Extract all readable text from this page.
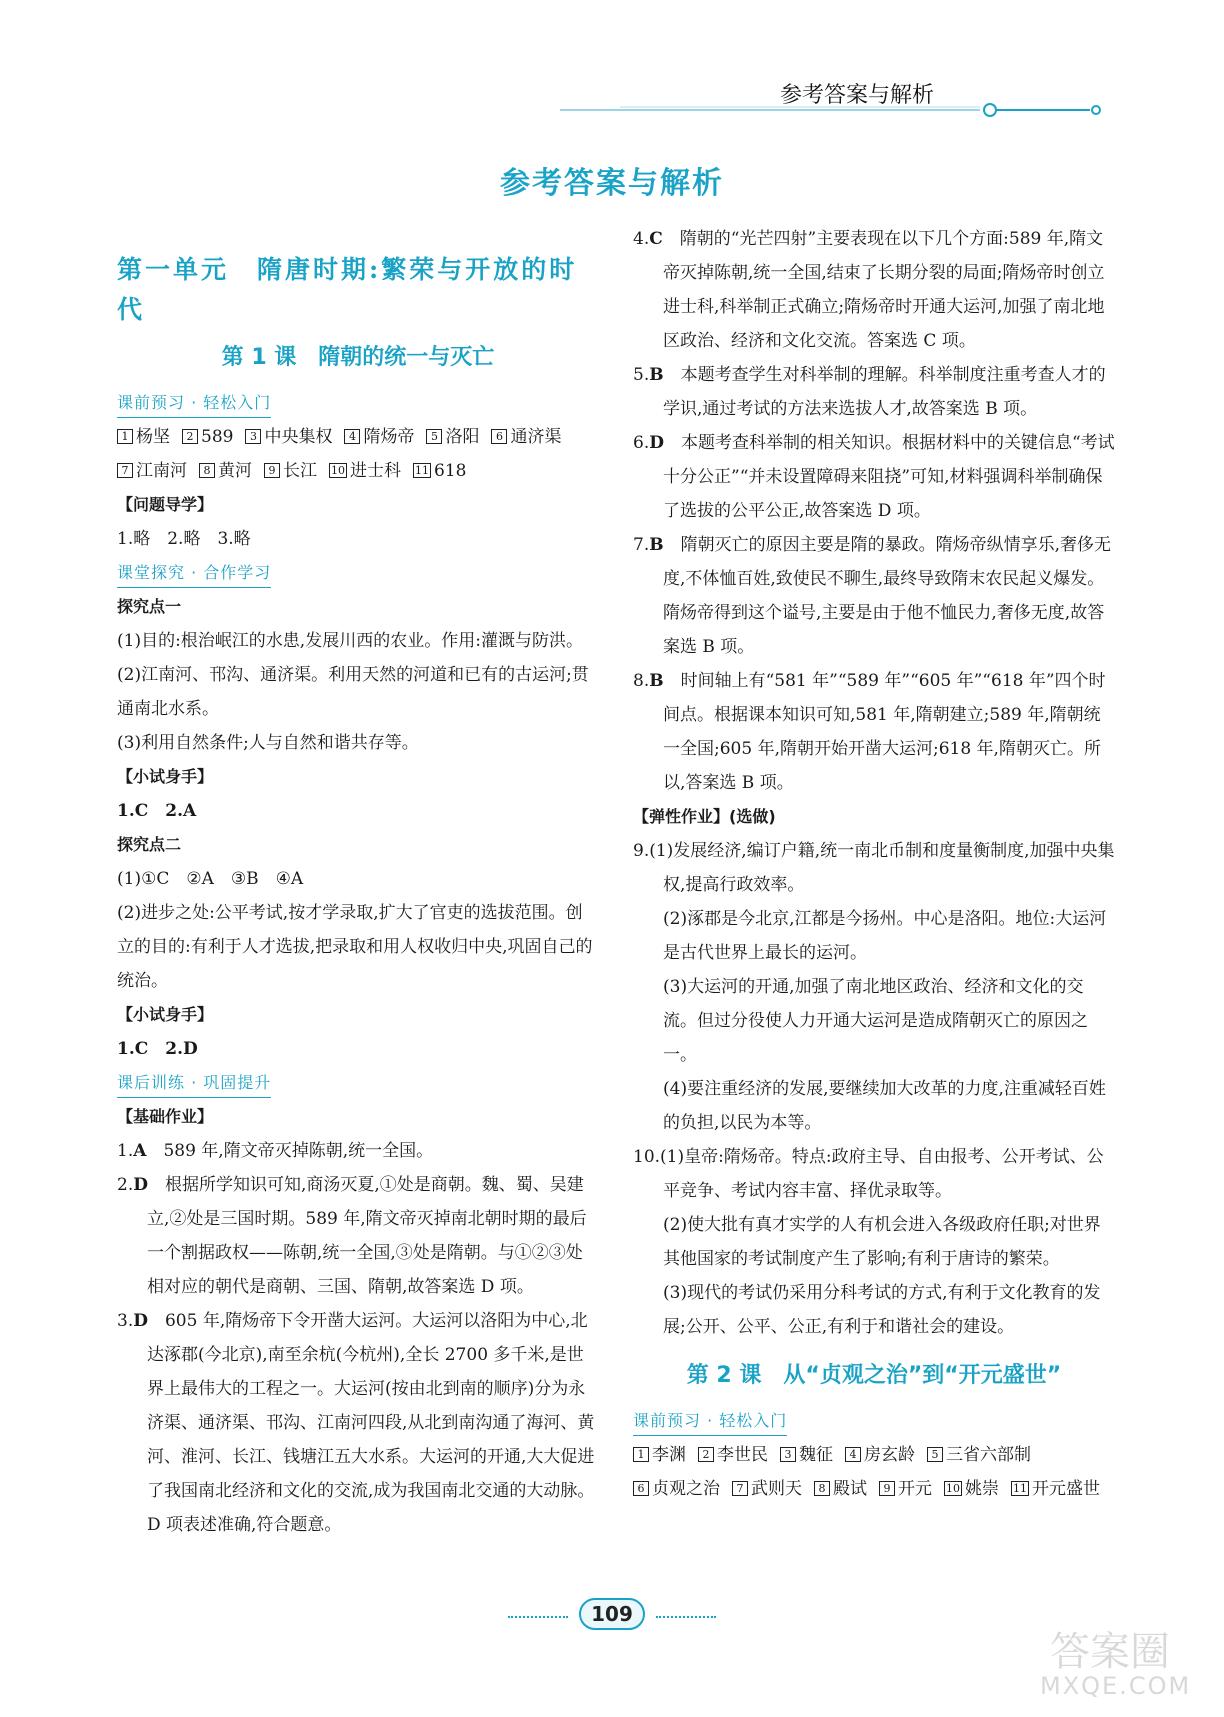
参考答案与解析
参考答案与解析
第一单元　隋唐时期:繁荣与开放的时代
第 1 课　隋朝的统一与灭亡
课前预习 · 轻松入门
1 杨坚 2 589 3 中央集权 4 隋炀帝 5 洛阳 6 通济渠7 江南河 8 黄河 9 长江 10 进士科 11 618
【问题导学】
1.略　2.略　3.略
课堂探究 · 合作学习
探究点一
(1)目的:根治岷江的水患,发展川西的农业。作用:灌溉与防洪。
(2)江南河、邗沟、通济渠。利用天然的河道和已有的古运河;贯通南北水系。
(3)利用自然条件;人与自然和谐共存等。
【小试身手】
1.C　2.A
探究点二
(1)①C　②A　③B　④A
(2)进步之处:公平考试,按才学录取,扩大了官吏的选拔范围。创立的目的:有利于人才选拔,把录取和用人权收归中央,巩固自己的统治。
【小试身手】
1.C　2.D
课后训练 · 巩固提升
【基础作业】
1.A　 589 年,隋文帝灭掉陈朝,统一全国。
2.D　 根据所学知识可知,商汤灭夏,①处是商朝。魏、蜀、吴建立,②处是三国时期。589 年,隋文帝灭掉南北朝时期的最后一个割据政权——陈朝,统一全国,③处是隋朝。与①②③处相对应的朝代是商朝、三国、隋朝,故答案选 D 项。
3.D　 605 年,隋炀帝下令开凿大运河。大运河以洛阳为中心,北达涿郡(今北京),南至余杭(今杭州),全长 2700 多千米,是世界上最伟大的工程之一。大运河(按由北到南的顺序)分为永济渠、通济渠、邗沟、江南河四段,从北到南沟通了海河、黄河、淮河、长江、钱塘江五大水系。大运河的开通,大大促进了我国南北经济和文化的交流,成为我国南北交通的大动脉。D 项表述准确,符合题意。
4.C　 隋朝的“光芒四射”主要表现在以下几个方面:589 年,隋文帝灭掉陈朝,统一全国,结束了长期分裂的局面;隋炀帝时创立进士科,科举制正式确立;隋炀帝时开通大运河,加强了南北地区政治、经济和文化交流。答案选 C 项。
5.B　 本题考查学生对科举制的理解。科举制度注重考查人才的学识,通过考试的方法来选拔人才,故答案选 B 项。
6.D　 本题考查科举制的相关知识。根据材料中的关键信息“考试十分公正”“并未设置障碍来阻挠”可知,材料强调科举制确保了选拔的公平公正,故答案选 D 项。
7.B　 隋朝灭亡的原因主要是隋的暴政。隋炀帝纵情享乐,奢侈无度,不体恤百姓,致使民不聊生,最终导致隋末农民起义爆发。隋炀帝得到这个谥号,主要是由于他不恤民力,奢侈无度,故答案选 B 项。
8.B　 时间轴上有“581 年”“589 年”“605 年”“618 年”四个时间点。根据课本知识可知,581 年,隋朝建立;589 年,隋朝统一全国;605 年,隋朝开始开凿大运河;618 年,隋朝灭亡。所以,答案选 B 项。
【弹性作业】(选做)
9.(1)发展经济,编订户籍,统一南北币制和度量衡制度,加强中央集权,提高行政效率。
(2)涿郡是今北京,江都是今扬州。中心是洛阳。地位:大运河是古代世界上最长的运河。
(3)大运河的开通,加强了南北地区政治、经济和文化的交流。但过分役使人力开通大运河是造成隋朝灭亡的原因之一。
(4)要注重经济的发展,要继续加大改革的力度,注重减轻百姓的负担,以民为本等。
10.(1)皇帝:隋炀帝。特点:政府主导、自由报考、公开考试、公平竞争、考试内容丰富、择优录取等。
(2)使大批有真才实学的人有机会进入各级政府任职;对世界其他国家的考试制度产生了影响;有利于唐诗的繁荣。
(3)现代的考试仍采用分科考试的方式,有利于文化教育的发展;公开、公平、公正,有利于和谐社会的建设。
第 2 课　从“贞观之治”到“开元盛世”
课前预习 · 轻松入门
1 李渊 2 李世民 3 魏征 4 房玄龄 5 三省六部制6 贞观之治 7 武则天 8 殿试 9 开元 10 姚崇 11 开元盛世
109
答案圈
MXQE.COM
